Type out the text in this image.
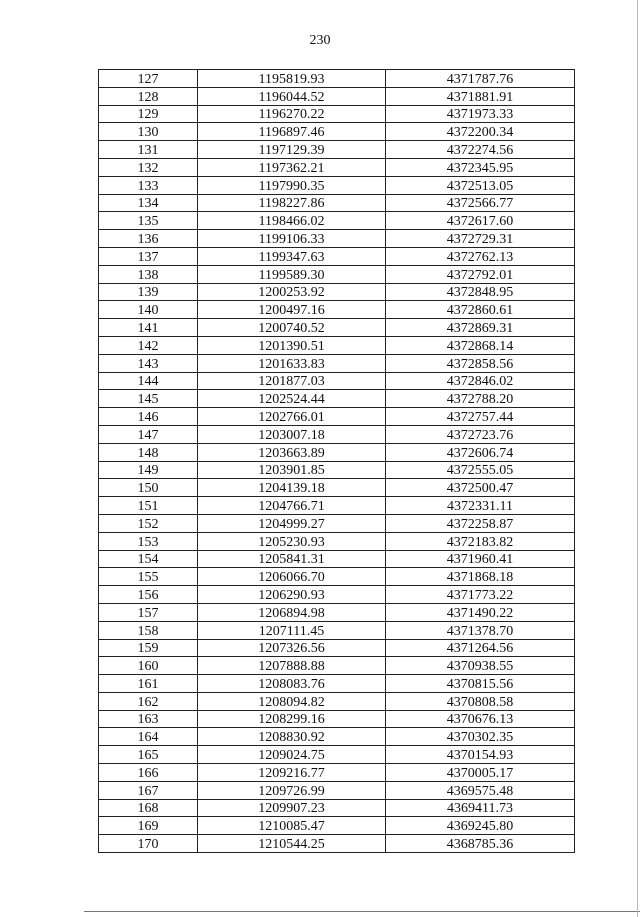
230
127	1195819.93	4371787.76
128	1196044.52	4371881.91
129	1196270.22	4371973.33
130	1196897.46	4372200.34
131	1197129.39	4372274.56
132	1197362.21	4372345.95
133	1197990.35	4372513.05
134	1198227.86	4372566.77
135	1198466.02	4372617.60
136	1199106.33	4372729.31
137	1199347.63	4372762.13
138	1199589.30	4372792.01
139	1200253.92	4372848.95
140	1200497.16	4372860.61
141	1200740.52	4372869.31
142	1201390.51	4372868.14
143	1201633.83	4372858.56
144	1201877.03	4372846.02
145	1202524.44	4372788.20
146	1202766.01	4372757.44
147	1203007.18	4372723.76
148	1203663.89	4372606.74
149	1203901.85	4372555.05
150	1204139.18	4372500.47
151	1204766.71	4372331.11
152	1204999.27	4372258.87
153	1205230.93	4372183.82
154	1205841.31	4371960.41
155	1206066.70	4371868.18
156	1206290.93	4371773.22
157	1206894.98	4371490.22
158	1207111.45	4371378.70
159	1207326.56	4371264.56
160	1207888.88	4370938.55
161	1208083.76	4370815.56
162	1208094.82	4370808.58
163	1208299.16	4370676.13
164	1208830.92	4370302.35
165	1209024.75	4370154.93
166	1209216.77	4370005.17
167	1209726.99	4369575.48
168	1209907.23	4369411.73
169	1210085.47	4369245.80
170	1210544.25	4368785.36
